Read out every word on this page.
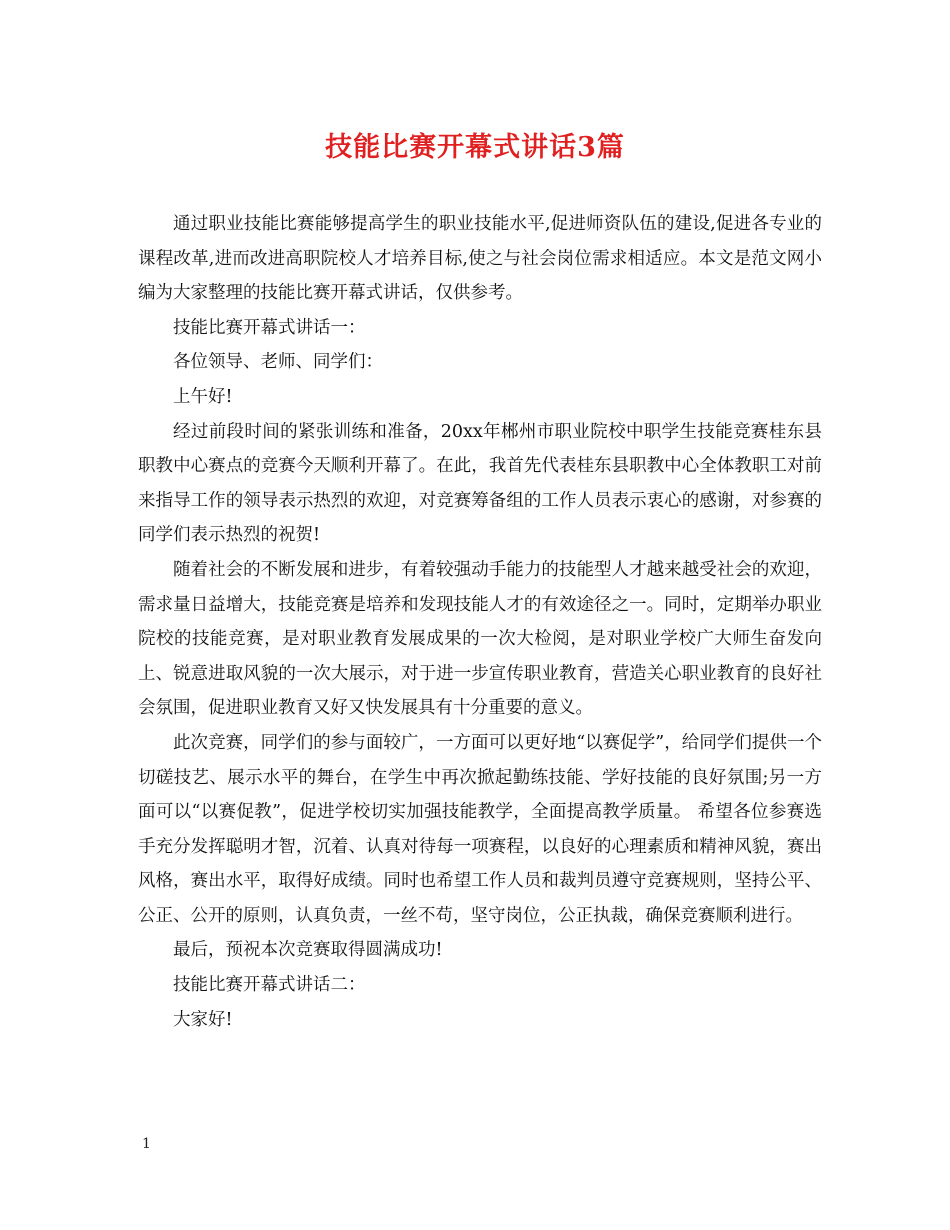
技能比赛开幕式讲话3篇

通过职业技能比赛能够提高学生的职业技能水平,促进师资队伍的建设,促进各专业的课程改革,进而改进高职院校人才培养目标,使之与社会岗位需求相适应。本文是范文网小编为大家整理的技能比赛开幕式讲话，仅供参考。

技能比赛开幕式讲话一：

各位领导、老师、同学们：

上午好!

经过前段时间的紧张训练和准备，20xx年郴州市职业院校中职学生技能竞赛桂东县职教中心赛点的竞赛今天顺利开幕了。在此，我首先代表桂东县职教中心全体教职工对前来指导工作的领导表示热烈的欢迎，对竞赛筹备组的工作人员表示衷心的感谢，对参赛的同学们表示热烈的祝贺!

随着社会的不断发展和进步，有着较强动手能力的技能型人才越来越受社会的欢迎，需求量日益增大，技能竞赛是培养和发现技能人才的有效途径之一。同时，定期举办职业院校的技能竞赛，是对职业教育发展成果的一次大检阅，是对职业学校广大师生奋发向上、锐意进取风貌的一次大展示，对于进一步宣传职业教育，营造关心职业教育的良好社会氛围，促进职业教育又好又快发展具有十分重要的意义。

此次竞赛，同学们的参与面较广，一方面可以更好地“以赛促学”，给同学们提供一个切磋技艺、展示水平的舞台，在学生中再次掀起勤练技能、学好技能的良好氛围;另一方面可以“以赛促教”，促进学校切实加强技能教学，全面提高教学质量。 希望各位参赛选手充分发挥聪明才智，沉着、认真对待每一项赛程，以良好的心理素质和精神风貌，赛出风格，赛出水平，取得好成绩。同时也希望工作人员和裁判员遵守竞赛规则，坚持公平、公正、公开的原则，认真负责，一丝不苟，坚守岗位，公正执裁，确保竞赛顺利进行。

最后，预祝本次竞赛取得圆满成功!

技能比赛开幕式讲话二：

大家好!

1
